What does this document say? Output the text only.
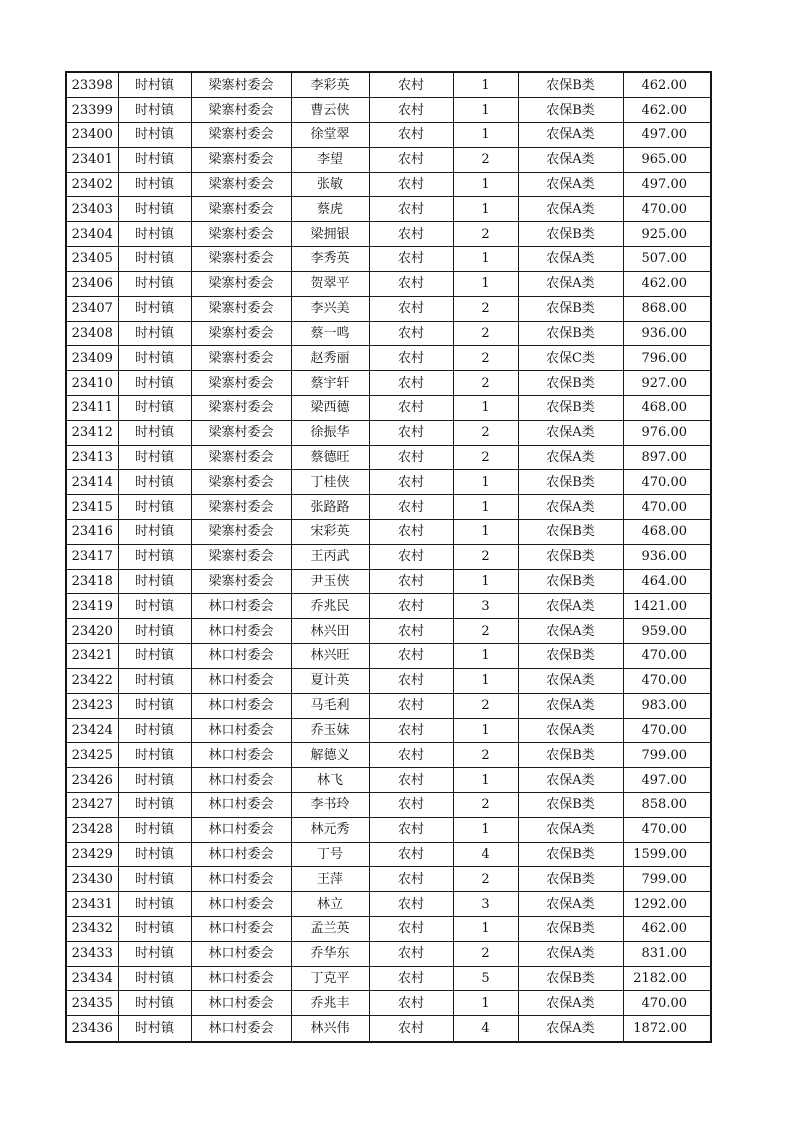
23398	时村镇	梁寨村委会	李彩英	农村	1	农保B类	462.00
23399	时村镇	梁寨村委会	曹云侠	农村	1	农保B类	462.00
23400	时村镇	梁寨村委会	徐堂翠	农村	1	农保A类	497.00
23401	时村镇	梁寨村委会	李望	农村	2	农保A类	965.00
23402	时村镇	梁寨村委会	张敏	农村	1	农保A类	497.00
23403	时村镇	梁寨村委会	蔡虎	农村	1	农保A类	470.00
23404	时村镇	梁寨村委会	梁拥银	农村	2	农保B类	925.00
23405	时村镇	梁寨村委会	李秀英	农村	1	农保A类	507.00
23406	时村镇	梁寨村委会	贺翠平	农村	1	农保A类	462.00
23407	时村镇	梁寨村委会	李兴美	农村	2	农保B类	868.00
23408	时村镇	梁寨村委会	蔡一鸣	农村	2	农保B类	936.00
23409	时村镇	梁寨村委会	赵秀丽	农村	2	农保C类	796.00
23410	时村镇	梁寨村委会	蔡宇轩	农村	2	农保B类	927.00
23411	时村镇	梁寨村委会	梁西德	农村	1	农保B类	468.00
23412	时村镇	梁寨村委会	徐振华	农村	2	农保A类	976.00
23413	时村镇	梁寨村委会	蔡德旺	农村	2	农保A类	897.00
23414	时村镇	梁寨村委会	丁桂侠	农村	1	农保B类	470.00
23415	时村镇	梁寨村委会	张路路	农村	1	农保A类	470.00
23416	时村镇	梁寨村委会	宋彩英	农村	1	农保B类	468.00
23417	时村镇	梁寨村委会	王丙武	农村	2	农保B类	936.00
23418	时村镇	梁寨村委会	尹玉侠	农村	1	农保B类	464.00
23419	时村镇	林口村委会	乔兆民	农村	3	农保A类	1421.00
23420	时村镇	林口村委会	林兴田	农村	2	农保A类	959.00
23421	时村镇	林口村委会	林兴旺	农村	1	农保B类	470.00
23422	时村镇	林口村委会	夏计英	农村	1	农保A类	470.00
23423	时村镇	林口村委会	马毛利	农村	2	农保A类	983.00
23424	时村镇	林口村委会	乔玉妹	农村	1	农保A类	470.00
23425	时村镇	林口村委会	解德义	农村	2	农保B类	799.00
23426	时村镇	林口村委会	林飞	农村	1	农保A类	497.00
23427	时村镇	林口村委会	李书玲	农村	2	农保B类	858.00
23428	时村镇	林口村委会	林元秀	农村	1	农保A类	470.00
23429	时村镇	林口村委会	丁号	农村	4	农保B类	1599.00
23430	时村镇	林口村委会	王萍	农村	2	农保B类	799.00
23431	时村镇	林口村委会	林立	农村	3	农保A类	1292.00
23432	时村镇	林口村委会	孟兰英	农村	1	农保B类	462.00
23433	时村镇	林口村委会	乔华东	农村	2	农保A类	831.00
23434	时村镇	林口村委会	丁克平	农村	5	农保B类	2182.00
23435	时村镇	林口村委会	乔兆丰	农村	1	农保A类	470.00
23436	时村镇	林口村委会	林兴伟	农村	4	农保A类	1872.00
